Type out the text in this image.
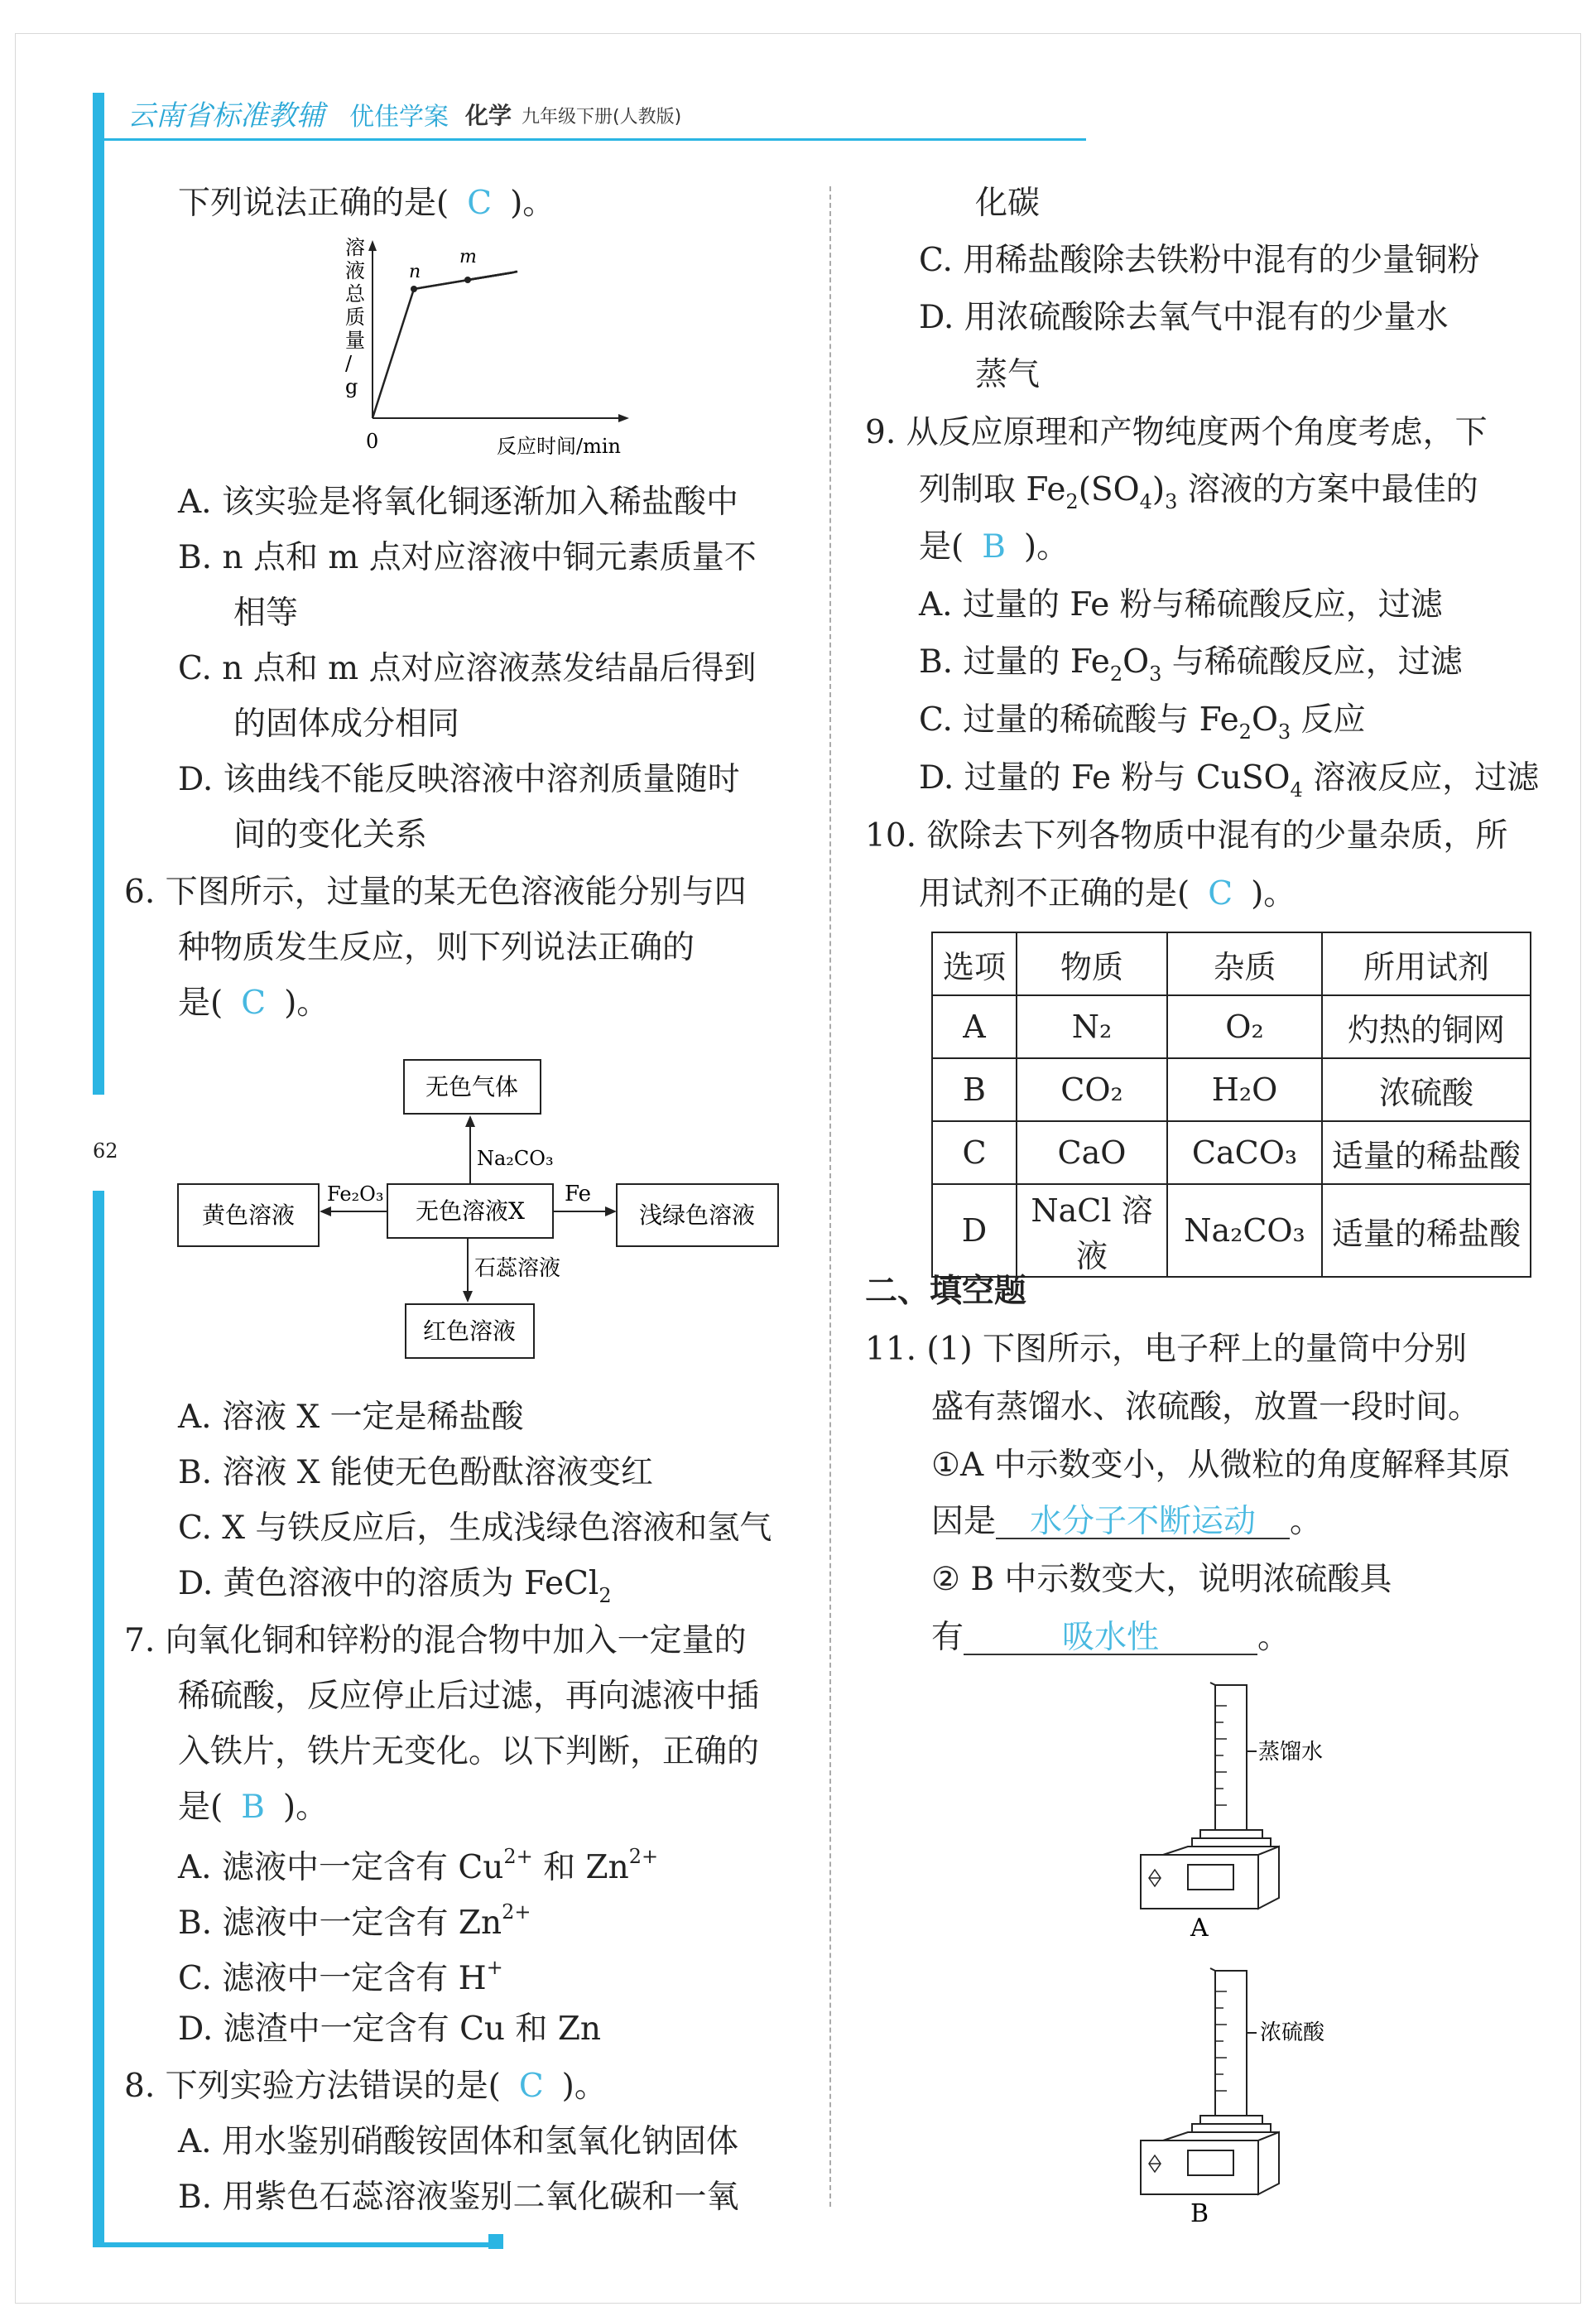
62
云南省标准教辅 优佳学案 化学 九年级下册(人教版)
下列说法正确的是( C )。
溶
液
总
质
量
/
g
n
m
0	反应时间/min
A. 该实验是将氧化铜逐渐加入稀盐酸中
B. n 点和 m 点对应溶液中铜元素质量不
相等
C. n 点和 m 点对应溶液蒸发结晶后得到
的固体成分相同
D. 该曲线不能反映溶液中溶剂质量随时
间的变化关系
6. 下图所示，过量的某无色溶液能分别与四
种物质发生反应，则下列说法正确的
是( C )。
无色气体
无色溶液X
黄色溶液	浅绿色溶液
红色溶液
Na₂CO₃
Fe₂O₃	Fe
石蕊溶液
A. 溶液 X 一定是稀盐酸
B. 溶液 X 能使无色酚酞溶液变红
C. X 与铁反应后，生成浅绿色溶液和氢气
D. 黄色溶液中的溶质为 FeCl$_2$
7. 向氧化铜和锌粉的混合物中加入一定量的
稀硫酸，反应停止后过滤，再向滤液中插
入铁片，铁片无变化。以下判断，正确的
是( B )。
A. 滤液中一定含有 $Cu^{2+}$ 和 $Zn^{2+}$
B. 滤液中一定含有 $Zn^{2+}$
C. 滤液中一定含有 H+
D. 滤渣中一定含有 Cu 和 Zn
8. 下列实验方法错误的是( C )。
A. 用水鉴别硝酸铵固体和氢氧化钠固体
B. 用紫色石蕊溶液鉴别二氧化碳和一氧
化碳
C. 用稀盐酸除去铁粉中混有的少量铜粉
D. 用浓硫酸除去氧气中混有的少量水
蒸气
9. 从反应原理和产物纯度两个角度考虑，下
列制取 $Fe_2(SO_4)_3$ 溶液的方案中最佳的
是( B )。
A. 过量的 Fe 粉与稀硫酸反应，过滤
B. 过量的 $Fe_2O_3$ 与稀硫酸反应，过滤
C. 过量的稀硫酸与 $Fe_2O_3$ 反应
D. 过量的 Fe 粉与 CuSO$_4$ 溶液反应，过滤
10. 欲除去下列各物质中混有的少量杂质，所
用试剂不正确的是( C )。
选项	物质	杂质	所用试剂
A	N₂	O₂	灼热的铜网
B	CO₂	H₂O	浓硫酸
C	CaO	CaCO₃	适量的稀盐酸
D	NaCl 溶液	Na₂CO₃	适量的稀盐酸
二、填空题
11. (1) 下图所示，电子秤上的量筒中分别
盛有蒸馏水、浓硫酸，放置一段时间。
①A 中示数变小，从微粒的角度解释其原
因是 水分子不断运动 。
② B 中示数变大，说明浓硫酸具
有	吸水性	。
蒸馏水
A
浓硫酸
B
